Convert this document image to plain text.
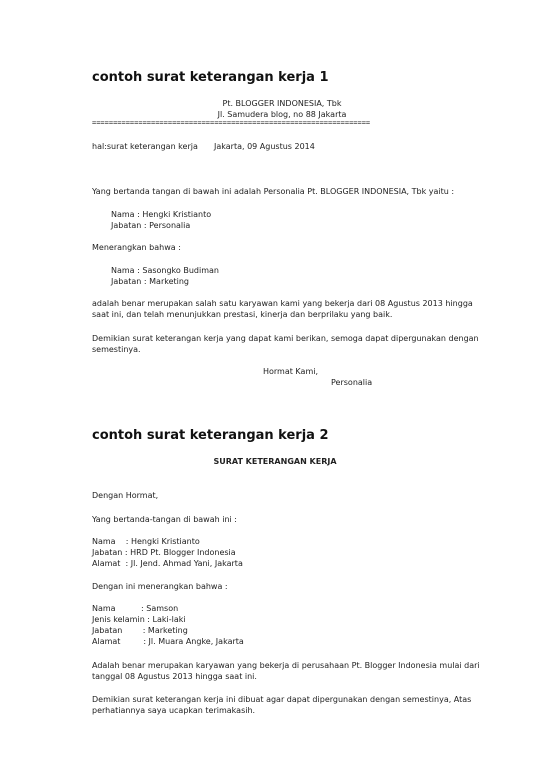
contoh surat keterangan kerja 1
Pt. BLOGGER INDONESIA, Tbk
Jl. Samudera blog, no 88 Jakarta
==================================================================
hal:surat keterangan kerja Jakarta, 09 Agustus 2014
Yang bertanda tangan di bawah ini adalah Personalia Pt. BLOGGER INDONESIA, Tbk yaitu :
Nama : Hengki Kristianto
Jabatan : Personalia
Menerangkan bahwa :
Nama : Sasongko Budiman
Jabatan : Marketing
adalah benar merupakan salah satu karyawan kami yang bekerja dari 08 Agustus 2013 hingga
saat ini, dan telah menunjukkan prestasi, kinerja dan berprilaku yang baik.
Demikian surat keterangan kerja yang dapat kami berikan, semoga dapat dipergunakan dengan
semestinya.
Hormat Kami,
Personalia
contoh surat keterangan kerja 2
SURAT KETERANGAN KERJA
Dengan Hormat,
Yang bertanda-tangan di bawah ini :
Nama    : Hengki Kristianto
Jabatan : HRD Pt. Blogger Indonesia
Alamat  : Jl. Jend. Ahmad Yani, Jakarta
Dengan ini menerangkan bahwa :
Nama          : Samson
Jenis kelamin : Laki-laki
Jabatan        : Marketing
Alamat         : Jl. Muara Angke, Jakarta
Adalah benar merupakan karyawan yang bekerja di perusahaan Pt. Blogger Indonesia mulai dari
tanggal 08 Agustus 2013 hingga saat ini.
Demikian surat keterangan kerja ini dibuat agar dapat dipergunakan dengan semestinya, Atas
perhatiannya saya ucapkan terimakasih.
